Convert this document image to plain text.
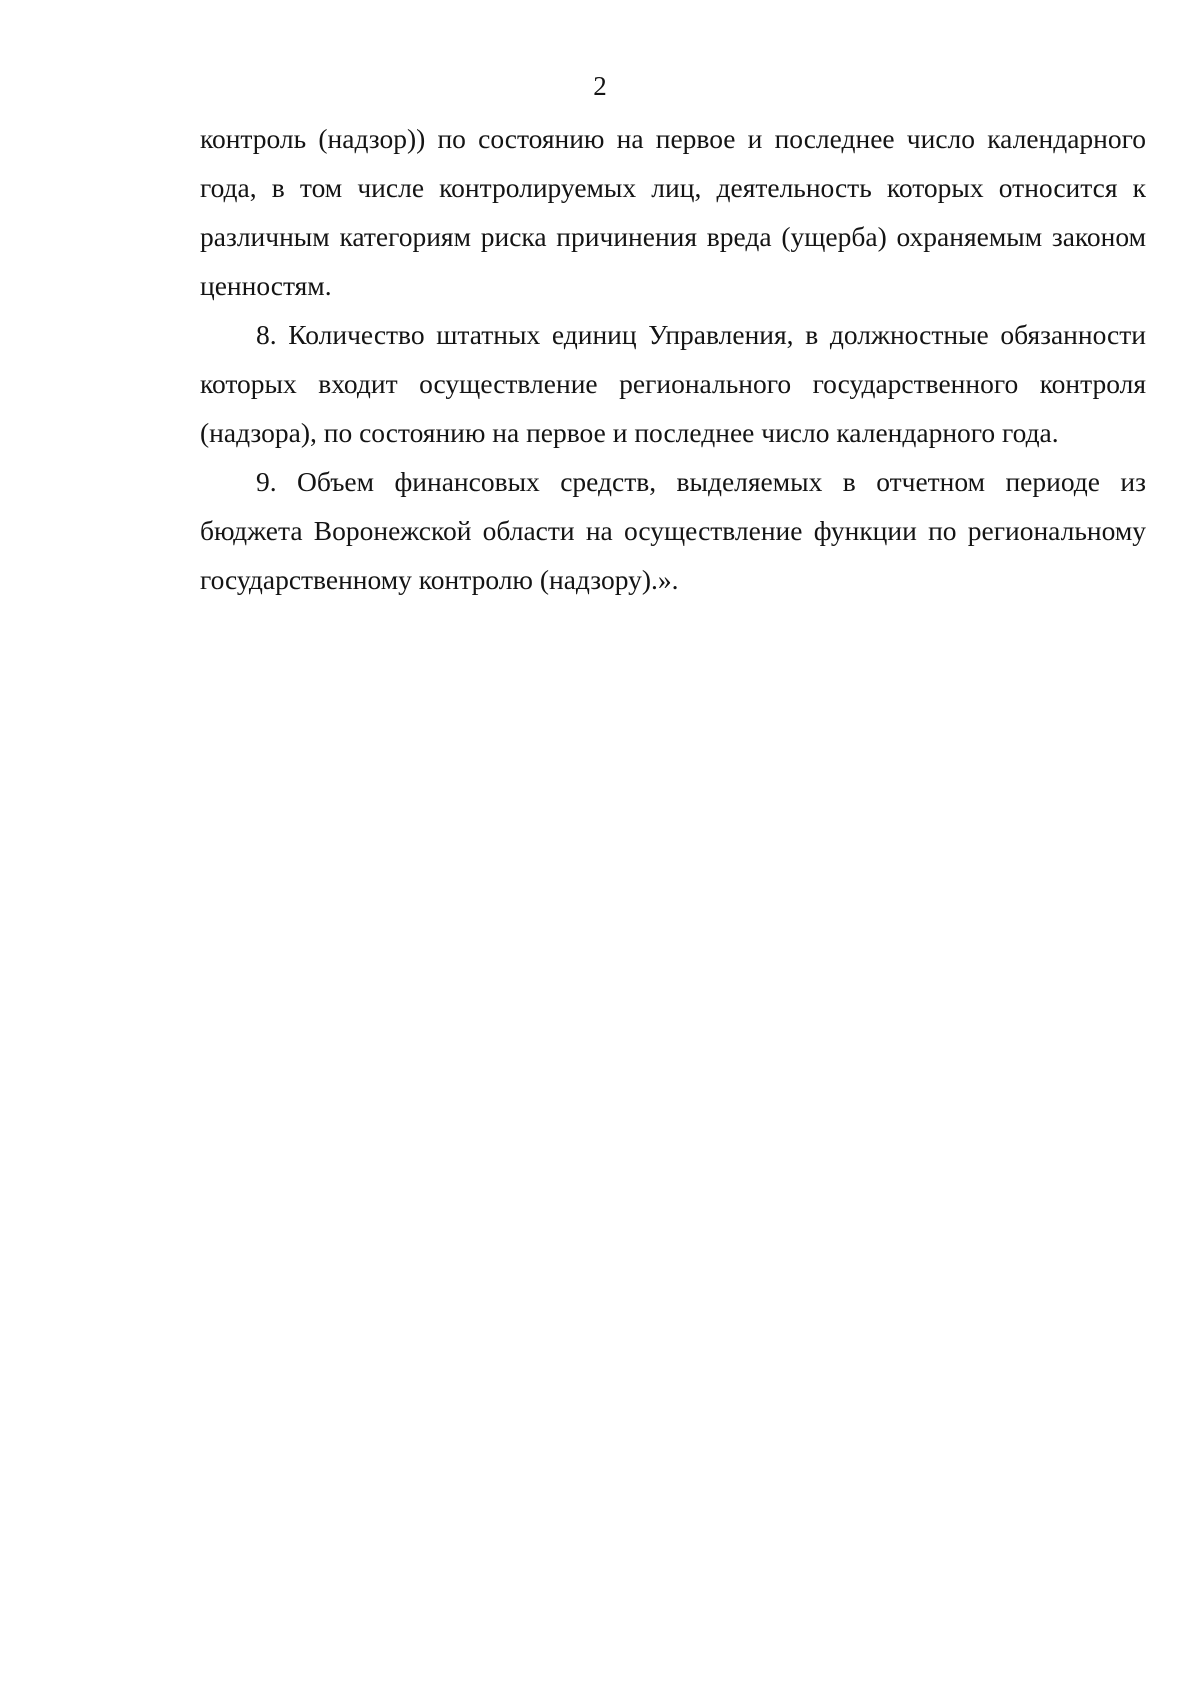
2

контроль (надзор)) по состоянию на первое и последнее число календарного года, в том числе контролируемых лиц, деятельность которых относится к различным категориям риска причинения вреда (ущерба) охраняемым законом ценностям.

8. Количество штатных единиц Управления, в должностные обязанности которых входит осуществление регионального государственного контроля (надзора), по состоянию на первое и последнее число календарного года.

9. Объем финансовых средств, выделяемых в отчетном периоде из бюджета Воронежской области на осуществление функции по региональному государственному контролю (надзору).».
